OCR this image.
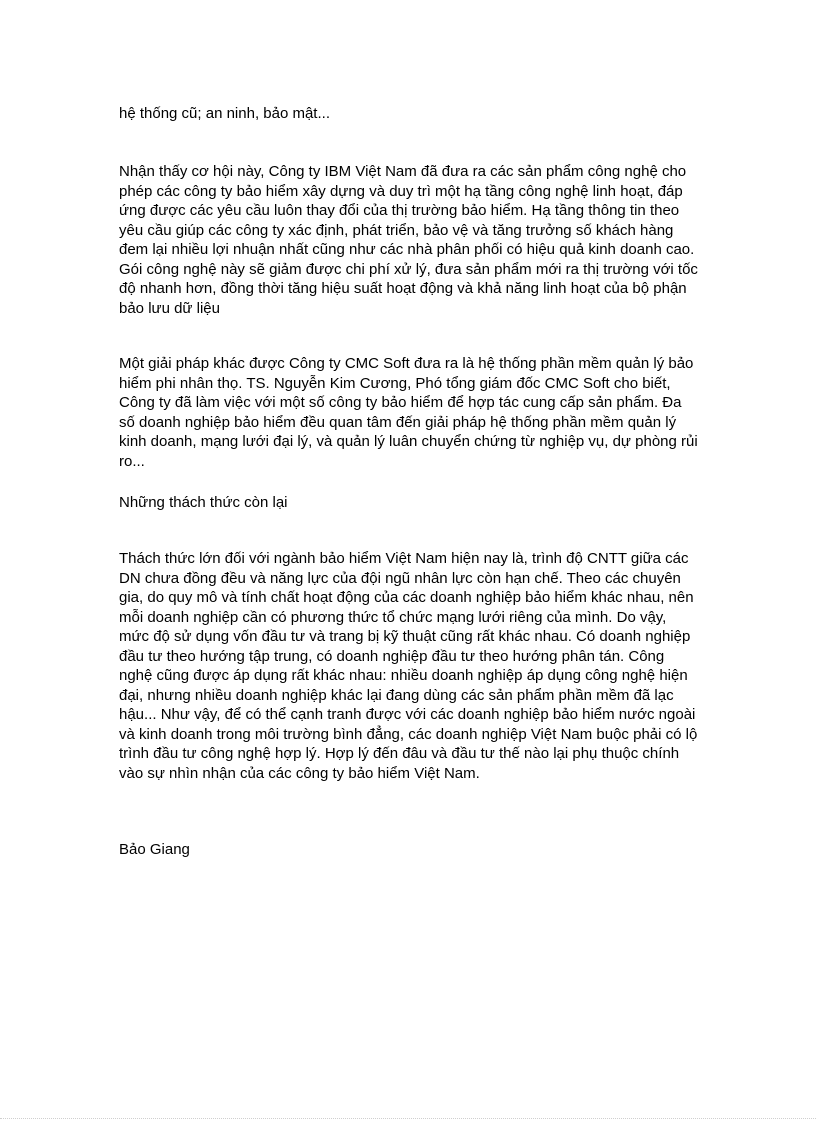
hệ thống cũ; an ninh, bảo mật...

Nhận thấy cơ hội này, Công ty IBM Việt Nam đã đưa ra các sản phẩm công nghệ cho phép các công ty bảo hiểm xây dựng và duy trì một hạ tầng công nghệ linh hoạt, đáp ứng được các yêu cầu luôn thay đổi của thị trường bảo hiểm. Hạ tầng thông tin theo yêu cầu giúp các công ty xác định, phát triển, bảo vệ và tăng trưởng số khách hàng đem lại nhiều lợi nhuận nhất cũng như các nhà phân phối có hiệu quả kinh doanh cao. Gói công nghệ này sẽ giảm được chi phí xử lý, đưa sản phẩm mới ra thị trường với tốc độ nhanh hơn, đồng thời tăng hiệu suất hoạt động và khả năng linh hoạt của bộ phận bảo lưu dữ liệu

Một giải pháp khác được Công ty CMC Soft đưa ra là hệ thống phần mềm quản lý bảo hiểm phi nhân thọ. TS. Nguyễn Kim Cương, Phó tổng giám đốc CMC Soft cho biết, Công ty đã làm việc với một số công ty bảo hiểm để hợp tác cung cấp sản phẩm. Đa số doanh nghiệp bảo hiểm đều quan tâm đến giải pháp hệ thống phần mềm quản lý kinh doanh, mạng lưới đại lý, và quản lý luân chuyển chứng từ nghiệp vụ, dự phòng rủi ro...

Những thách thức còn lại

Thách thức lớn đối với ngành bảo hiểm Việt Nam hiện nay là, trình độ CNTT giữa các DN chưa đồng đều và năng lực của đội ngũ nhân lực còn hạn chế. Theo các chuyên gia, do quy mô và tính chất hoạt động của các doanh nghiệp bảo hiểm khác nhau, nên mỗi doanh nghiệp cần có phương thức tổ chức mạng lưới riêng của mình. Do vậy, mức độ sử dụng vốn đầu tư và trang bị kỹ thuật cũng rất khác nhau. Có doanh nghiệp đầu tư theo hướng tập trung, có doanh nghiệp đầu tư theo hướng phân tán. Công nghệ cũng được áp dụng rất khác nhau: nhiều doanh nghiệp áp dụng công nghệ hiện đại, nhưng nhiều doanh nghiệp khác lại đang dùng các sản phẩm phần mềm đã lạc hậu... Như vậy, để có thể cạnh tranh được với các doanh nghiệp bảo hiểm nước ngoài và kinh doanh trong môi trường bình đẳng, các doanh nghiệp Việt Nam buộc phải có lộ trình đầu tư công nghệ hợp lý. Hợp lý đến đâu và đầu tư thế nào lại phụ thuộc chính vào sự nhìn nhận của các công ty bảo hiểm Việt Nam.

Bảo Giang
